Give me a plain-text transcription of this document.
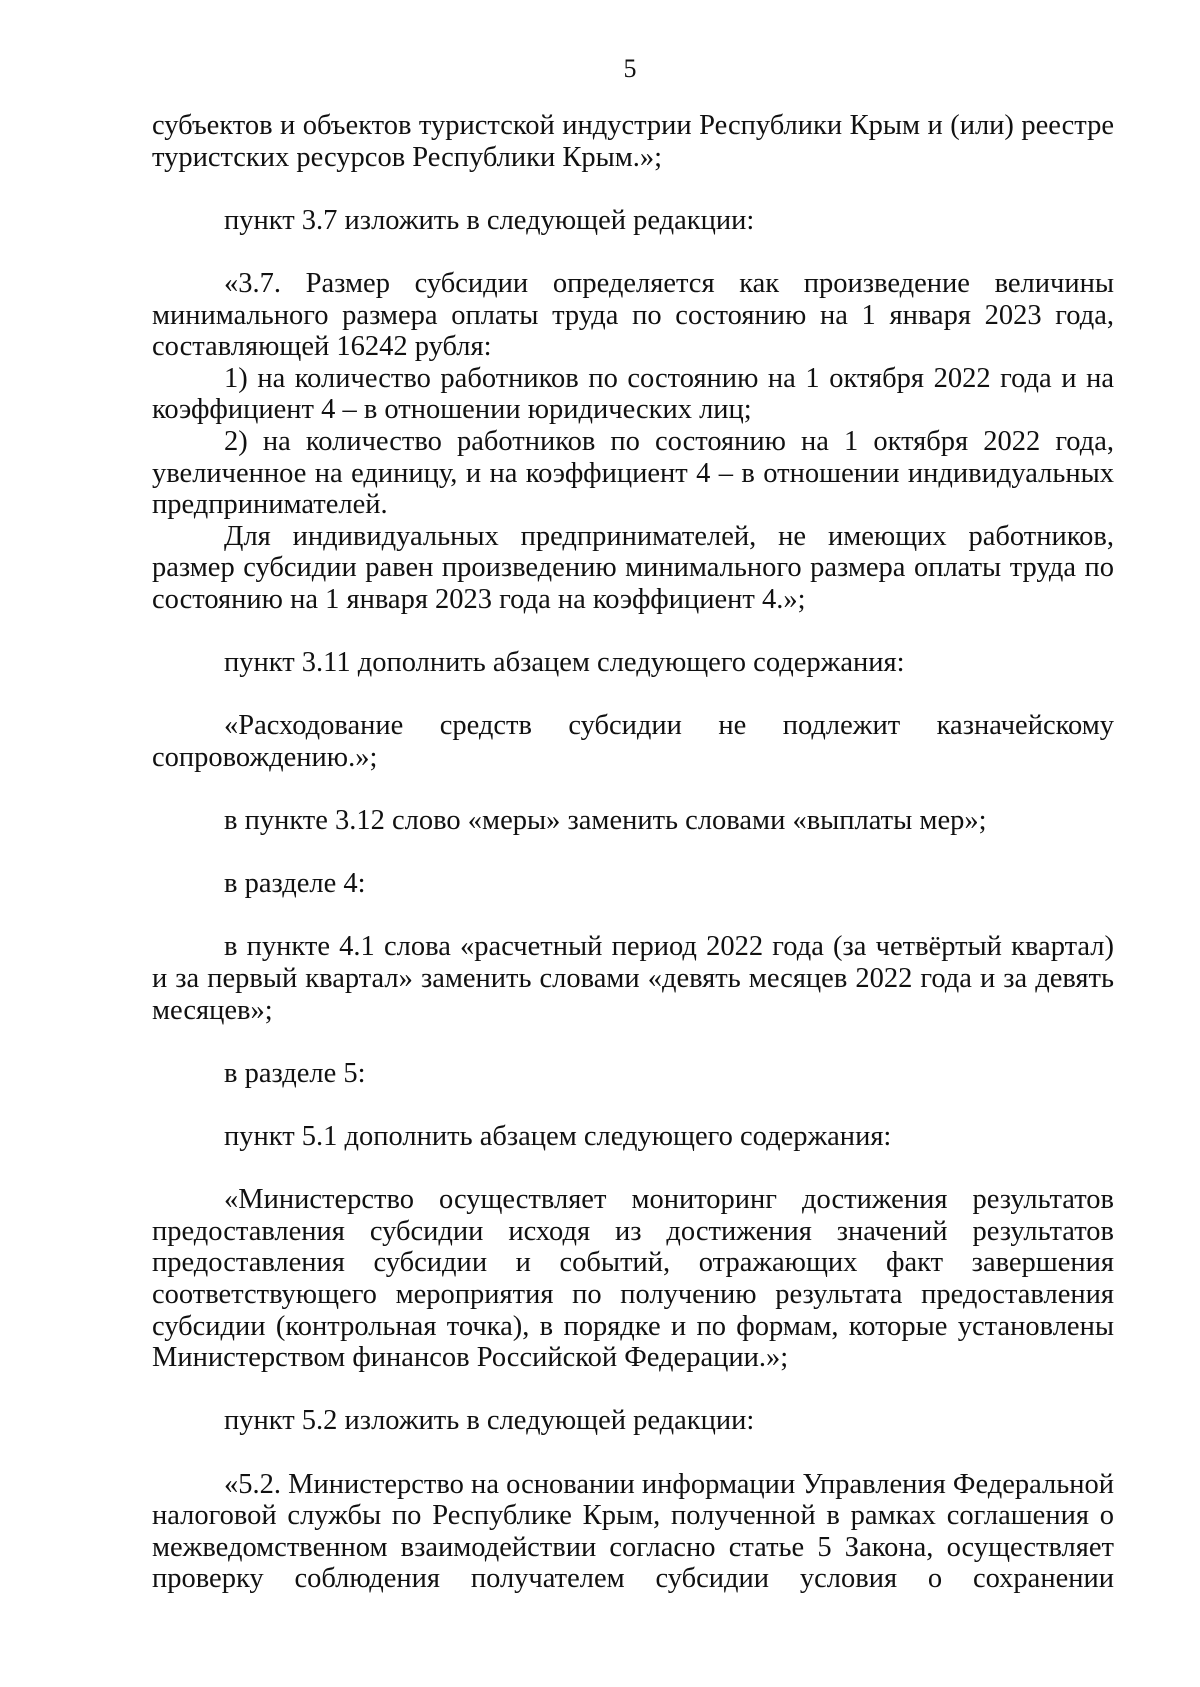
5

субъектов и объектов туристской индустрии Республики Крым и (или) реестре туристских ресурсов Республики Крым.»;

пункт 3.7 изложить в следующей редакции:

«3.7. Размер субсидии определяется как произведение величины минимального размера оплаты труда по состоянию на 1 января 2023 года, составляющей 16242 рубля:

1) на количество работников по состоянию на 1 октября 2022 года и на коэффициент 4 – в отношении юридических лиц;

2) на количество работников по состоянию на 1 октября 2022 года, увеличенное на единицу, и на коэффициент 4 – в отношении индивидуальных предпринимателей.

Для индивидуальных предпринимателей, не имеющих работников, размер субсидии равен произведению минимального размера оплаты труда по состоянию на 1 января 2023 года на коэффициент 4.»;

пункт 3.11 дополнить абзацем следующего содержания:

«Расходование средств субсидии не подлежит казначейскому сопровождению.»;

в пункте 3.12 слово «меры» заменить словами «выплаты мер»;

в разделе 4:

в пункте 4.1 слова «расчетный период 2022 года (за четвёртый квартал) и за первый квартал» заменить словами «девять месяцев 2022 года и за девять месяцев»;

в разделе 5:

пункт 5.1 дополнить абзацем следующего содержания:

«Министерство осуществляет мониторинг достижения результатов предоставления субсидии исходя из достижения значений результатов предоставления субсидии и событий, отражающих факт завершения соответствующего мероприятия по получению результата предоставления субсидии (контрольная точка), в порядке и по формам, которые установлены Министерством финансов Российской Федерации.»;

пункт 5.2 изложить в следующей редакции:

«5.2. Министерство на основании информации Управления Федеральной налоговой службы по Республике Крым, полученной в рамках соглашения о межведомственном взаимодействии согласно статье 5 Закона, осуществляет проверку соблюдения получателем субсидии условия о сохранении
